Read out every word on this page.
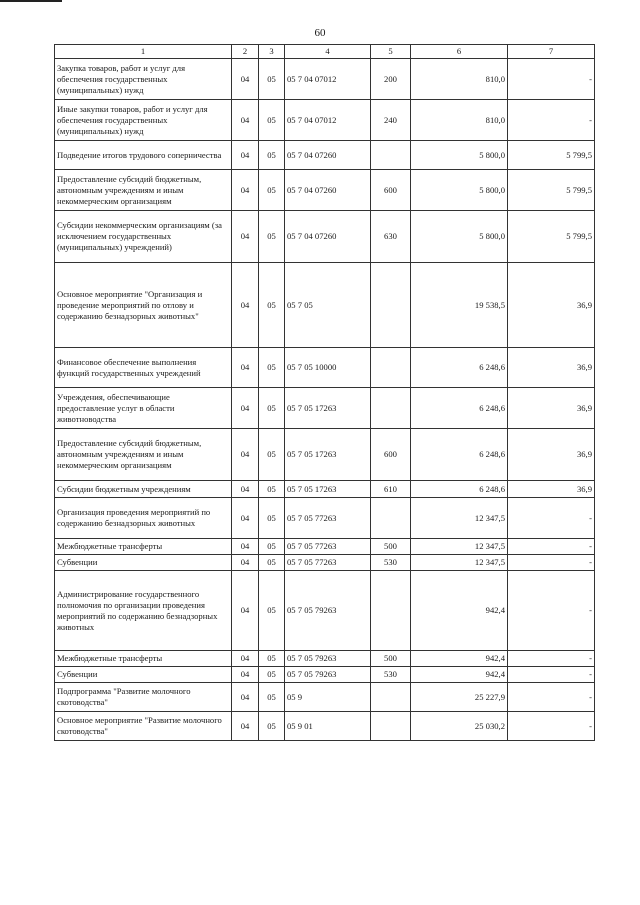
60
1	2	3	4	5	6	7
Закупка товаров, работ и услуг для обеспечения государственных (муниципальных) нужд	04	05	05 7 04 07012	200	810,0	-
Иные закупки товаров, работ и услуг для обеспечения государственных (муниципальных) нужд	04	05	05 7 04 07012	240	810,0	-
Подведение итогов трудового соперничества	04	05	05 7 04 07260		5 800,0	5 799,5
Предоставление субсидий бюджетным, автономным учреждениям и иным некоммерческим организациям	04	05	05 7 04 07260	600	5 800,0	5 799,5
Субсидии некоммерческим организациям (за исключением государственных (муниципальных) учреждений)	04	05	05 7 04 07260	630	5 800,0	5 799,5
Основное мероприятие "Организация и проведение мероприятий по отлову и содержанию безнадзорных животных"	04	05	05 7 05		19 538,5	36,9
Финансовое обеспечение выполнения функций государственных учреждений	04	05	05 7 05 10000		6 248,6	36,9
Учреждения, обеспечивающие предоставление услуг в области животноводства	04	05	05 7 05 17263		6 248,6	36,9
Предоставление субсидий бюджетным, автономным учреждениям и иным некоммерческим организациям	04	05	05 7 05 17263	600	6 248,6	36,9
Субсидии бюджетным учреждениям	04	05	05 7 05 17263	610	6 248,6	36,9
Организация проведения мероприятий по содержанию безнадзорных животных	04	05	05 7 05 77263		12 347,5	-
Межбюджетные трансферты	04	05	05 7 05 77263	500	12 347,5	-
Субвенции	04	05	05 7 05 77263	530	12 347,5	-
Администрирование государственного полномочия по организации проведения мероприятий по содержанию безнадзорных животных	04	05	05 7 05 79263		942,4	-
Межбюджетные трансферты	04	05	05 7 05 79263	500	942,4	-
Субвенции	04	05	05 7 05 79263	530	942,4	-
Подпрограмма "Развитие молочного скотоводства"	04	05	05 9		25 227,9	-
Основное мероприятие "Развитие молочного скотоводства"	04	05	05 9 01		25 030,2	-
